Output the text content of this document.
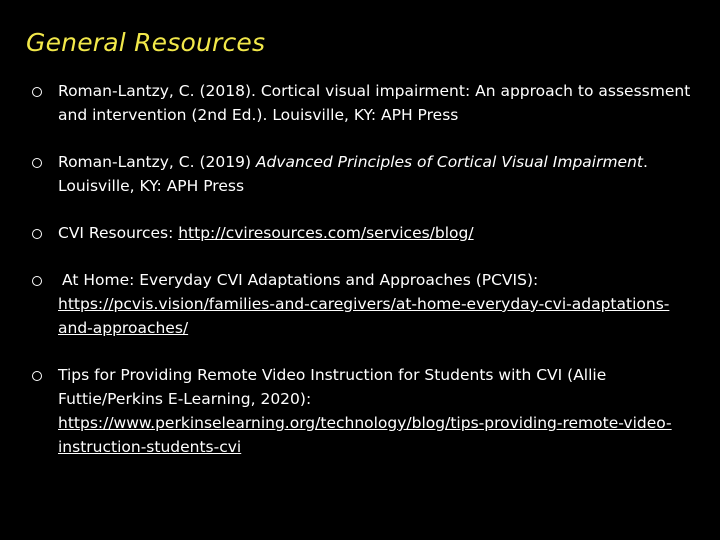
General Resources
Roman-Lantzy, C. (2018). Cortical visual impairment: An approach to assessment and intervention (2nd Ed.). Louisville, KY: APH Press
Roman-Lantzy, C. (2019) Advanced Principles of Cortical Visual Impairment. Louisville, KY: APH Press
CVI Resources: http://cviresources.com/services/blog/
At Home: Everyday CVI Adaptations and Approaches (PCVIS): https://pcvis.vision/families-and-caregivers/at-home-everyday-cvi-adaptations-and-approaches/
Tips for Providing Remote Video Instruction for Students with CVI (Allie Futtie/Perkins E-Learning, 2020): https://www.perkinselearning.org/technology/blog/tips-providing-remote-video-instruction-students-cvi
